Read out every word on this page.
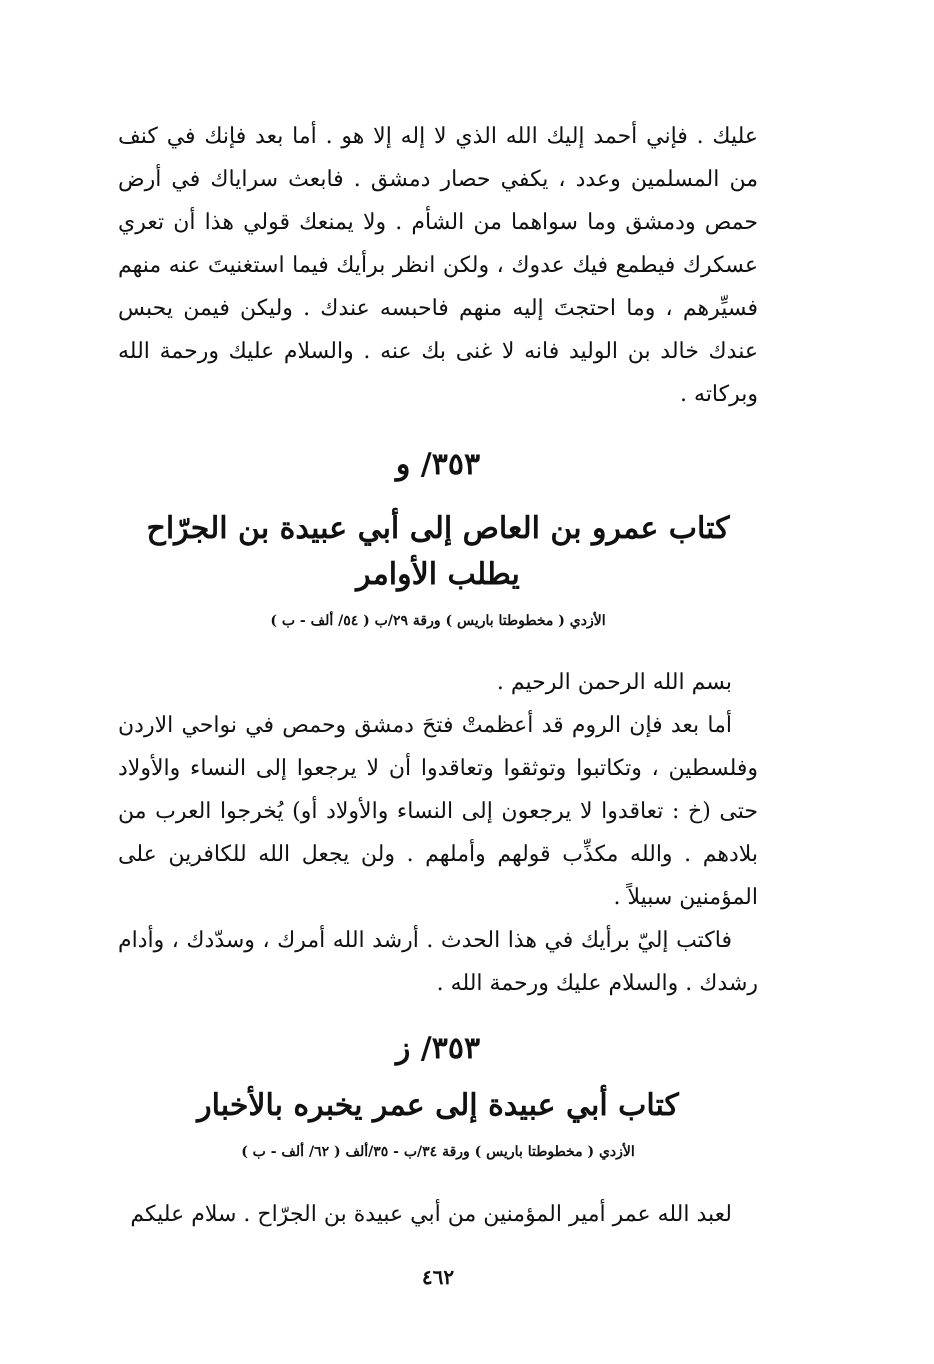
عليك . فإني أحمد إليك الله الذي لا إله إلا هو . أما بعد فإنك في كنف من المسلمين وعدد ، يكفي حصار دمشق . فابعث سراياك في أرض حمص ودمشق وما سواهما من الشأم . ولا يمنعك قولي هذا أن تعري عسكرك فيطمع فيك عدوك ، ولكن انظر برأيك فيما استغنيتَ عنه منهم فسيِّرهم ، وما احتجتَ إليه منهم فاحبسه عندك . وليكن فيمن يحبس عندك خالد بن الوليد فانه لا غنى بك عنه . والسلام عليك ورحمة الله وبركاته .

٣٥٣/ و
كتاب عمرو بن العاص إلى أبي عبيدة بن الجرّاح
يطلب الأوامر
الأزدي ( مخطوطتا باريس ) ورقة ٢٩/ب ( ٥٤/ ألف - ب )

بسم الله الرحمن الرحيم .

أما بعد فإن الروم قد أعظمتْ فتحَ دمشق وحمص في نواحي الاردن وفلسطين ، وتكاتبوا وتوثقوا وتعاقدوا أن لا يرجعوا إلى النساء والأولاد حتى (خ : تعاقدوا لا يرجعون إلى النساء والأولاد أو) يُخرجوا العرب من بلادهم . والله مكذِّب قولهم وأملهم . ولن يجعل الله للكافرين على المؤمنين سبيلاً .

فاكتب إليّ برأيك في هذا الحدث . أرشد الله أمرك ، وسدّدك ، وأدام رشدك . والسلام عليك ورحمة الله .

٣٥٣/ ز
كتاب أبي عبيدة إلى عمر يخبره بالأخبار
الأزدي ( مخطوطتا باريس ) ورقة ٣٤/ب - ٣٥/ألف ( ٦٢/ ألف - ب )

لعبد الله عمر أمير المؤمنين من أبي عبيدة بن الجرّاح . سلام عليكم

٤٦٢
